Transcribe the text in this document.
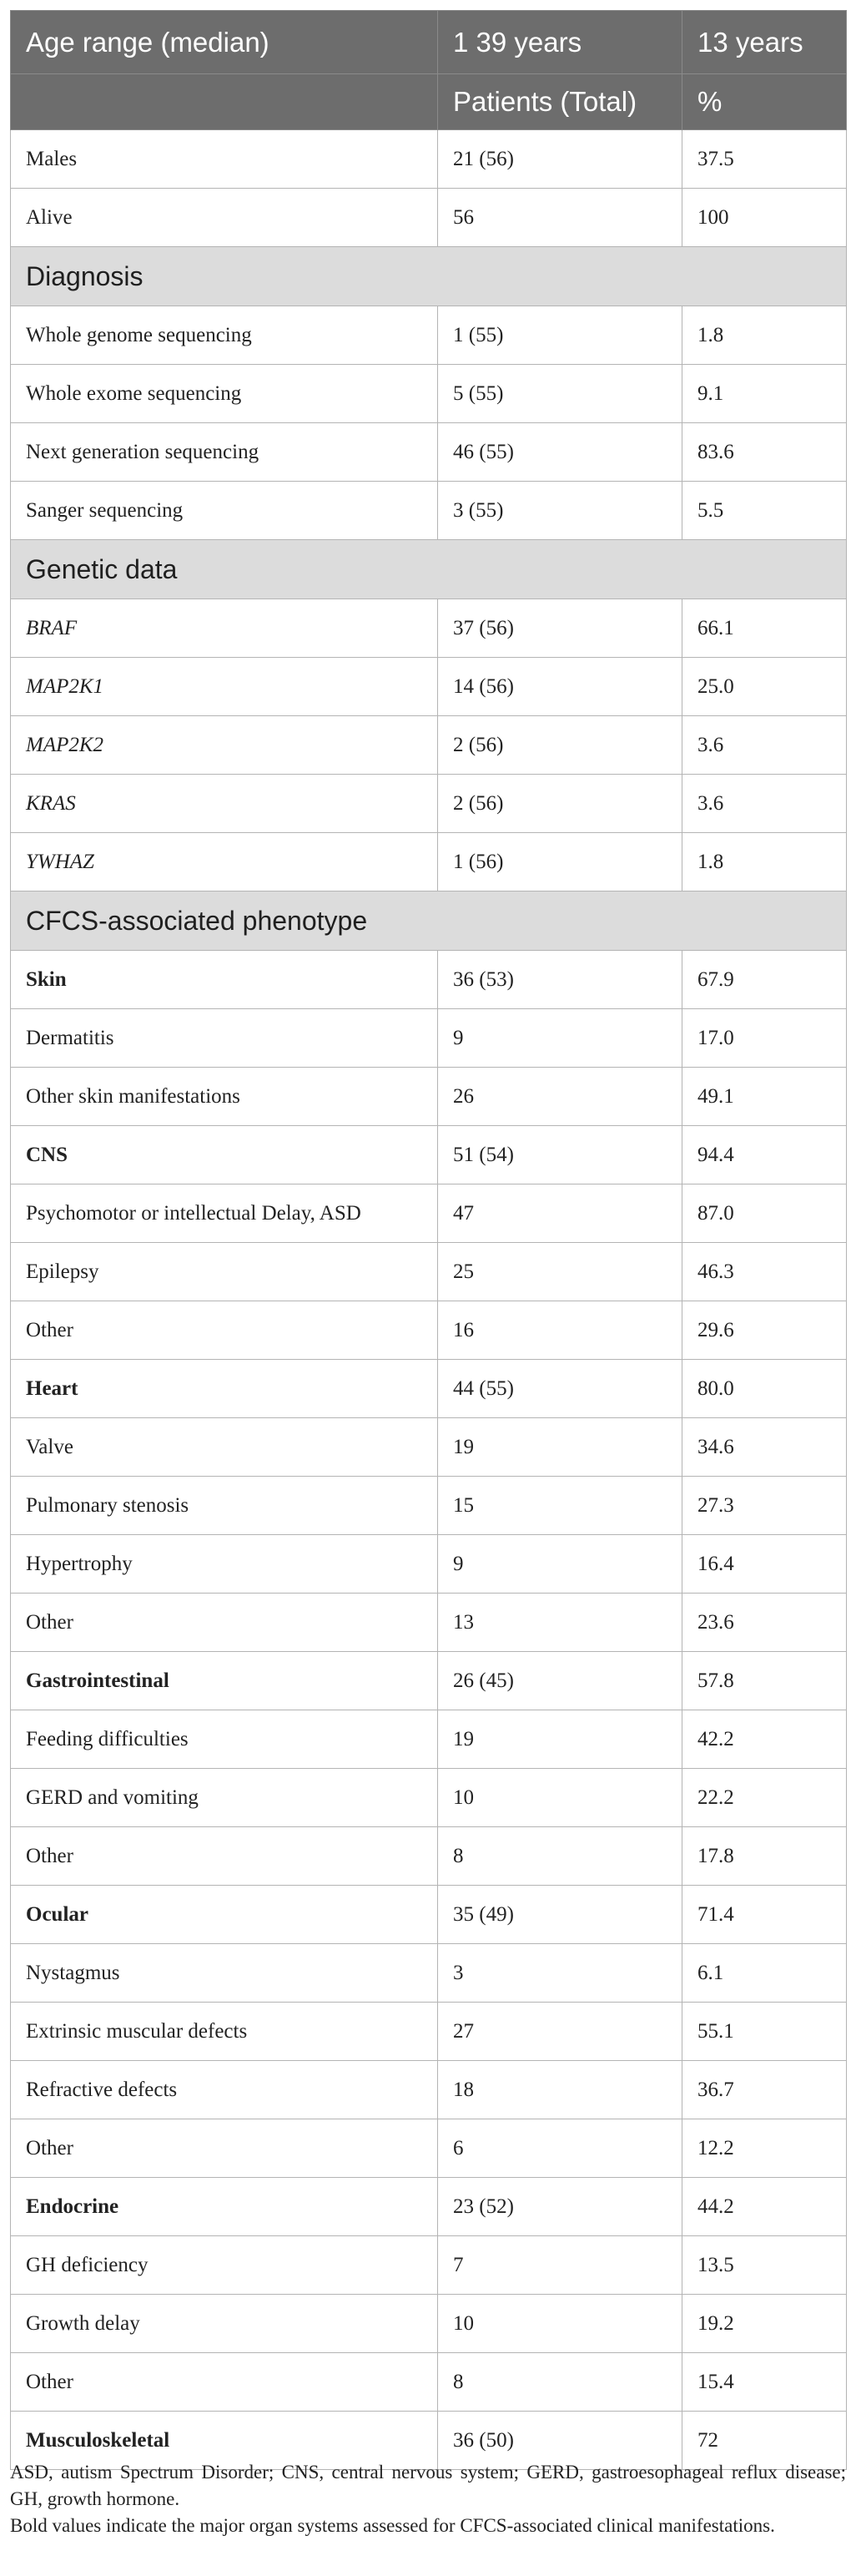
Age range (median)	1 39 years	13 years
	Patients (Total)	%
Males	21 (56)	37.5
Alive	56	100
Diagnosis		
Whole genome sequencing	1 (55)	1.8
Whole exome sequencing	5 (55)	9.1
Next generation sequencing	46 (55)	83.6
Sanger sequencing	3 (55)	5.5
Genetic data		
BRAF	37 (56)	66.1
MAP2K1	14 (56)	25.0
MAP2K2	2 (56)	3.6
KRAS	2 (56)	3.6
YWHAZ	1 (56)	1.8
CFCS-associated phenotype		
Skin	36 (53)	67.9
Dermatitis	9	17.0
Other skin manifestations	26	49.1
CNS	51 (54)	94.4
Psychomotor or intellectual Delay, ASD	47	87.0
Epilepsy	25	46.3
Other	16	29.6
Heart	44 (55)	80.0
Valve	19	34.6
Pulmonary stenosis	15	27.3
Hypertrophy	9	16.4
Other	13	23.6
Gastrointestinal	26 (45)	57.8
Feeding difficulties	19	42.2
GERD and vomiting	10	22.2
Other	8	17.8
Ocular	35 (49)	71.4
Nystagmus	3	6.1
Extrinsic muscular defects	27	55.1
Refractive defects	18	36.7
Other	6	12.2
Endocrine	23 (52)	44.2
GH deficiency	7	13.5
Growth delay	10	19.2
Other	8	15.4
Musculoskeletal	36 (50)	72

ASD, autism Spectrum Disorder; CNS, central nervous system; GERD, gastroesophageal reflux disease; GH, growth hormone.

Bold values indicate the major organ systems assessed for CFCS-associated clinical manifestations.
